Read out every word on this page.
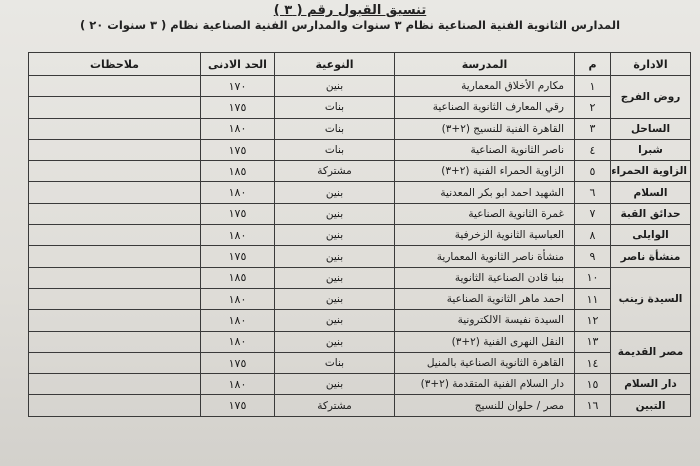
تنسيق القبول رقم ( ٣ )
المدارس الثانوية الفنية الصناعية نظام ٣ سنوات والمدارس الفنية الصناعية نظام ( ٣ سنوات ٢٠ )
الادارة	م	المدرسة	النوعية	الحد الادنى	ملاحظات
روض الفرج	١	مكارم الأخلاق المعمارية	بنين	١٧٠	
	٢	رقي المعارف الثانوية الصناعية	بنات	١٧٥	
الساحل	٣	القاهرة الفنية للنسيج (٢+٣)	بنات	١٨٠	
شبرا	٤	ناصر الثانوية الصناعية	بنات	١٧٥	
الزاوية الحمراء	٥	الزاوية الحمراء الفنية (٢+٣)	مشتركة	١٨٥	
السلام	٦	الشهيد احمد ابو بكر المعدنية	بنين	١٨٠	
حدائق القبة	٧	غمرة الثانوية الصناعية	بنين	١٧٥	
الوايلى	٨	العباسية الثانوية الزخرفية	بنين	١٨٠	
منشأة ناصر	٩	منشأة ناصر الثانوية المعمارية	بنين	١٧٥	
السيدة زينب	١٠	بنبا قادن الصناعية الثانوية	بنين	١٨٥	
	١١	احمد ماهر الثانوية الصناعية	بنين	١٨٠	
	١٢	السيدة نفيسة الالكترونية	بنين	١٨٠	
مصر القديمة	١٣	النقل النهرى الفنية (٢+٣)	بنين	١٨٠	
	١٤	القاهرة الثانوية الصناعية بالمنيل	بنات	١٧٥	
دار السلام	١٥	دار السلام الفنية المتقدمة (٢+٣)	بنين	١٨٠	
التبين	١٦	مصر / حلوان للنسيج	مشتركة	١٧٥	
